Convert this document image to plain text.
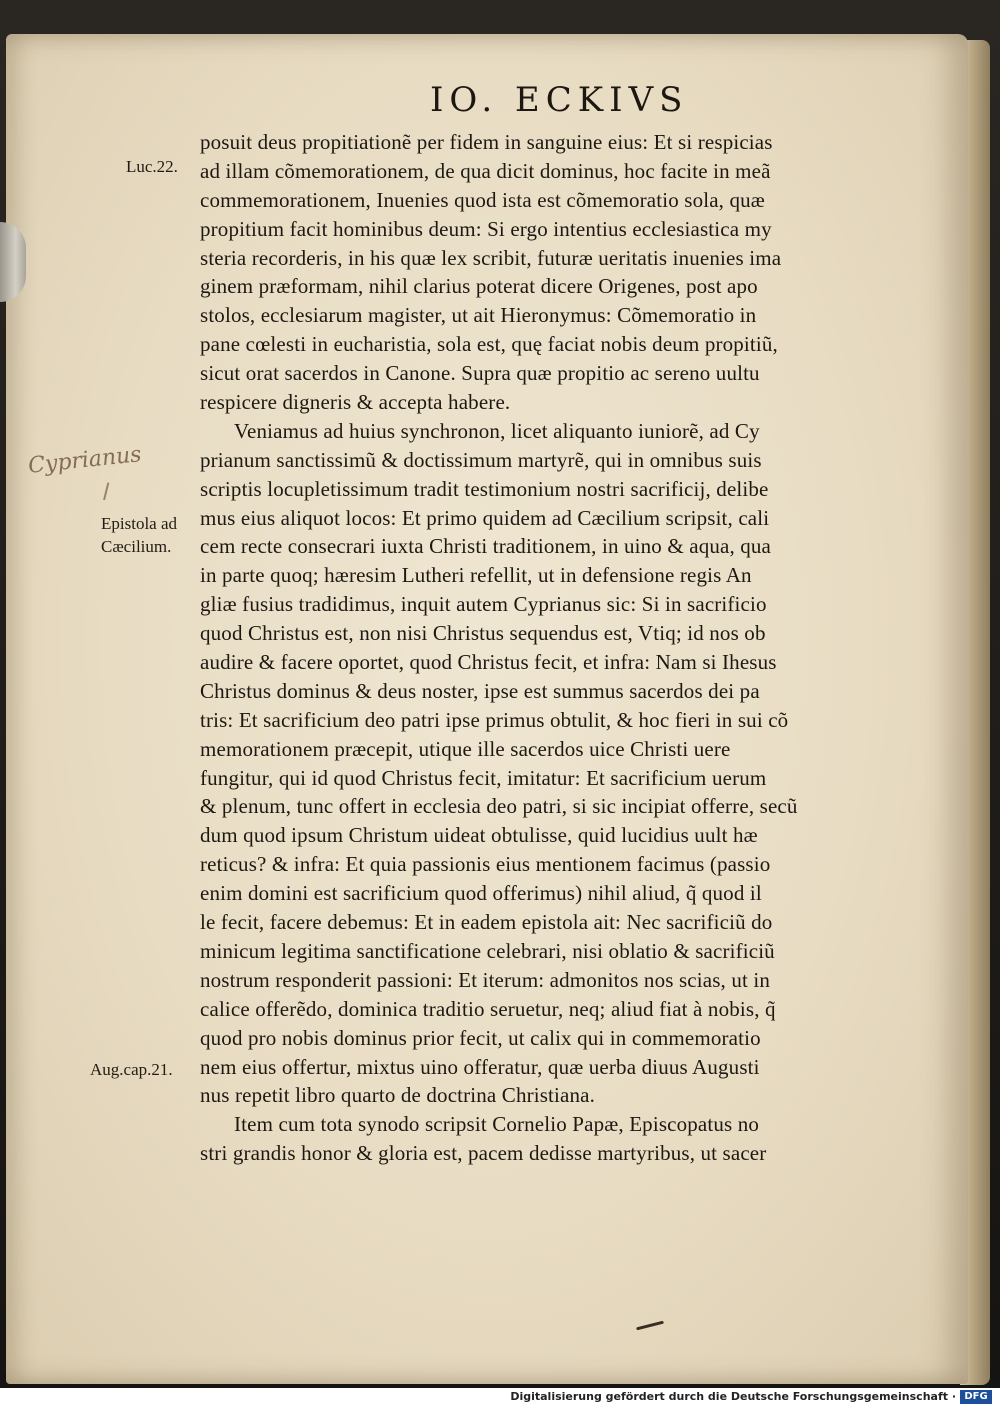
IO. ECKIVS
Luc.22.
Epistola ad
Cæcilium.
Aug.cap.21.
Cyprianus
posuit deus propitiationẽ per fidem in sanguine eius: Et si respicias
ad illam cõmemorationem, de qua dicit dominus, hoc facite in meã
commemorationem, Inuenies quod ista est cõmemoratio sola, quæ
propitium facit hominibus deum: Si ergo intentius ecclesiastica my
steria recorderis, in his quæ lex scribit, futuræ ueritatis inuenies ima
ginem præformam, nihil clarius poterat dicere Origenes, post apo
stolos, ecclesiarum magister, ut ait Hieronymus: Cõmemoratio in
pane cœlesti in eucharistia, sola est, quę faciat nobis deum propitiũ,
sicut orat sacerdos in Canone. Supra quæ propitio ac sereno uultu
respicere digneris & accepta habere.
Veniamus ad huius synchronon, licet aliquanto iuniorẽ, ad Cy
prianum sanctissimũ & doctissimum martyrẽ, qui in omnibus suis
scriptis locupletissimum tradit testimonium nostri sacrificij, delibe
mus eius aliquot locos: Et primo quidem ad Cæcilium scripsit, cali
cem recte consecrari iuxta Christi traditionem, in uino & aqua, qua
in parte quoq; hæresim Lutheri refellit, ut in defensione regis An
gliæ fusius tradidimus, inquit autem Cyprianus sic: Si in sacrificio
quod Christus est, non nisi Christus sequendus est, Vtiq; id nos ob
audire & facere oportet, quod Christus fecit, et infra: Nam si Ihesus
Christus dominus & deus noster, ipse est summus sacerdos dei pa
tris: Et sacrificium deo patri ipse primus obtulit, & hoc fieri in sui cõ
memorationem præcepit, utique ille sacerdos uice Christi uere
fungitur, qui id quod Christus fecit, imitatur: Et sacrificium uerum
& plenum, tunc offert in ecclesia deo patri, si sic incipiat offerre, secũ
dum quod ipsum Christum uideat obtulisse, quid lucidius uult hæ
reticus? & infra: Et quia passionis eius mentionem facimus (passio
enim domini est sacrificium quod offerimus) nihil aliud, q̃ quod il
le fecit, facere debemus: Et in eadem epistola ait: Nec sacrificiũ do
minicum legitima sanctificatione celebrari, nisi oblatio & sacrificiũ
nostrum responderit passioni: Et iterum: admonitos nos scias, ut in
calice offerẽdo, dominica traditio seruetur, neq; aliud fiat à nobis, q̃
quod pro nobis dominus prior fecit, ut calix qui in commemoratio
nem eius offertur, mixtus uino offeratur, quæ uerba diuus Augusti
nus repetit libro quarto de doctrina Christiana.
Item cum tota synodo scripsit Cornelio Papæ, Episcopatus no
stri grandis honor & gloria est, pacem dedisse martyribus, ut sacer
Digitalisierung gefördert durch die Deutsche Forschungsgemeinschaft · DFG
